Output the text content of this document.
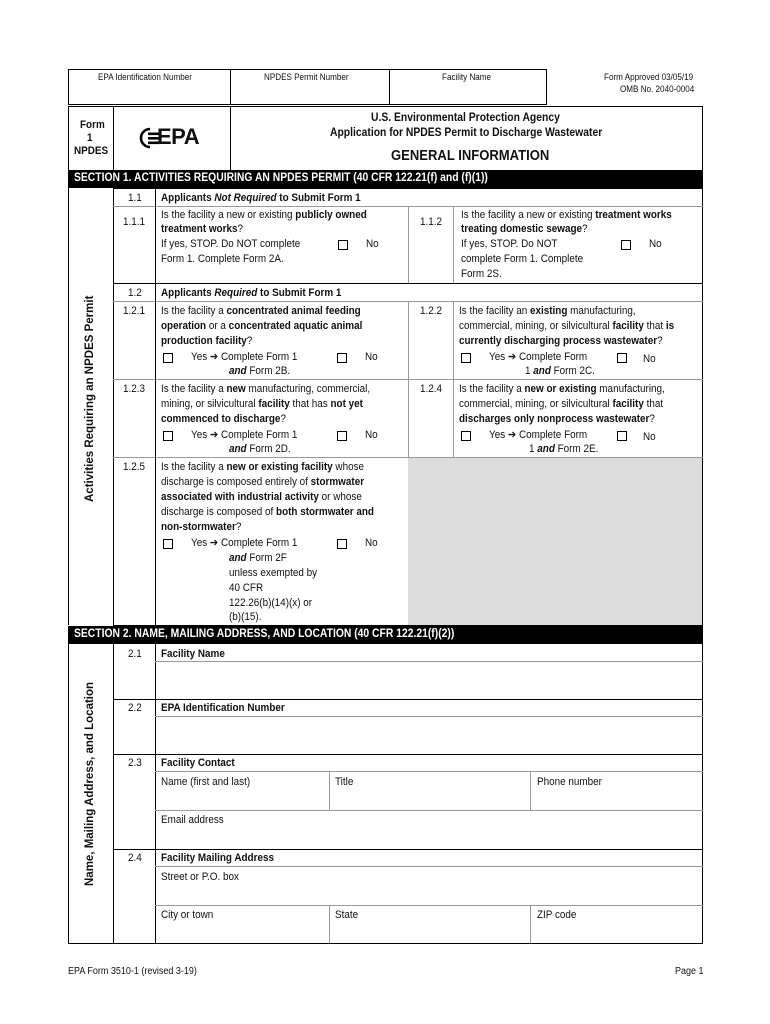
EPA Identification Number	NPDES Permit Number	Facility Name	Form Approved 03/05/19
OMB No. 2040-0004
Form
1
NPDES
EPA
U.S. Environmental Protection Agency
Application for NPDES Permit to Discharge Wastewater
GENERAL INFORMATION
SECTION 1. ACTIVITIES REQUIRING AN NPDES PERMIT (40 CFR 122.21(f) and (f)(1))
Activities Requiring an NPDES Permit
1.1 Applicants Not Required to Submit Form 1
1.1.1
Is the facility a new or existing publicly owned
treatment works?
If yes, STOP. Do NOT complete
Form 1. Complete Form 2A.
No
1.1.2
Is the facility a new or existing treatment works
treating domestic sewage?
If yes, STOP. Do NOT
complete Form 1. Complete
Form 2S.
No
1.2 Applicants Required to Submit Form 1
1.2.1 Is the facility a concentrated animal feeding
operation or a concentrated aquatic animal
production facility?
Yes ➔ Complete Form 1	No
and Form 2B.
1.2.2 Is the facility an existing manufacturing,
commercial, mining, or silvicultural facility that is
currently discharging process wastewater?
Yes ➔ Complete Form	No
1 and Form 2C.
1.2.3 Is the facility a new manufacturing, commercial,
mining, or silvicultural facility that has not yet
commenced to discharge?
Yes ➔ Complete Form 1	No
and Form 2D.
1.2.4 Is the facility a new or existing manufacturing,
commercial, mining, or silvicultural facility that
discharges only nonprocess wastewater?
Yes ➔ Complete Form	No
1 and Form 2E.
1.2.5 Is the facility a new or existing facility whose
discharge is composed entirely of stormwater
associated with industrial activity or whose
discharge is composed of both stormwater and
non-stormwater?
Yes ➔ Complete Form 1	No
and Form 2F
unless exempted by
40 CFR
122.26(b)(14)(x) or
(b)(15).
SECTION 2. NAME, MAILING ADDRESS, AND LOCATION (40 CFR 122.21(f)(2))
Name, Mailing Address, and Location
2.1 Facility Name
2.2 EPA Identification Number
2.3 Facility Contact
Name (first and last)	Title	Phone number
Email address
2.4 Facility Mailing Address
Street or P.O. box
City or town	State	ZIP code
EPA Form 3510-1 (revised 3-19)	Page 1
